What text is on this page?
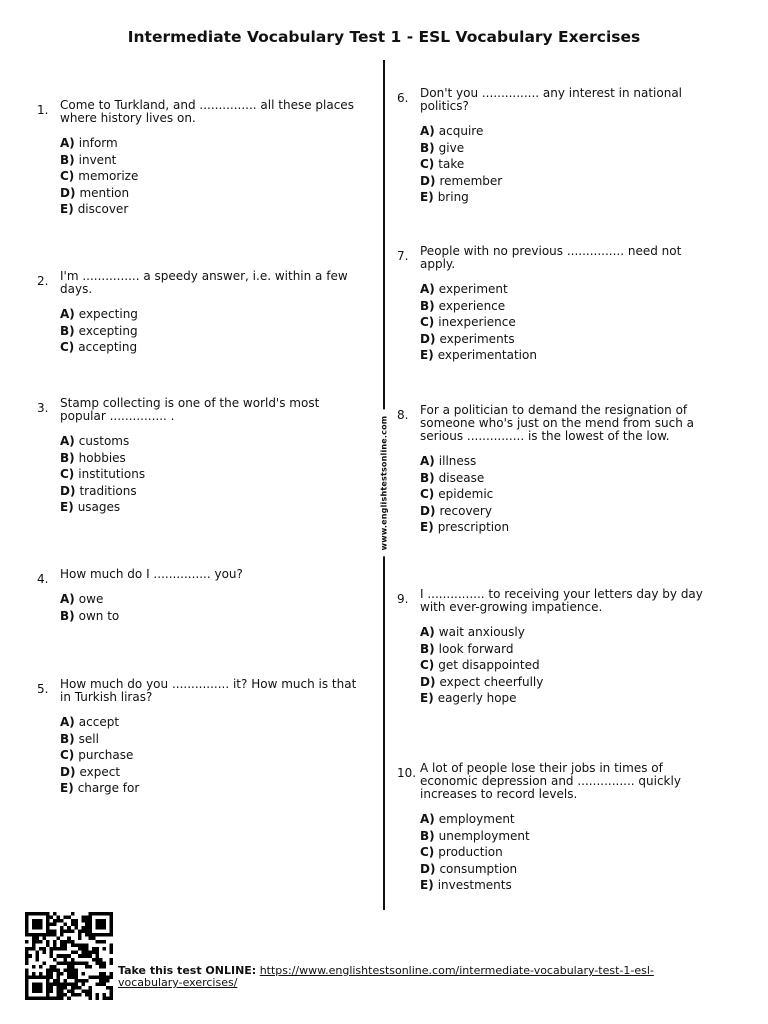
Intermediate Vocabulary Test 1 - ESL Vocabulary Exercises
www.englishtestsonline.com
1. Come to Turkland, and ............... all these places where history lives on.
A) inform
B) invent
C) memorize
D) mention
E) discover
2. I'm ............... a speedy answer, i.e. within a few days.
A) expecting
B) excepting
C) accepting
3. Stamp collecting is one of the world's most popular ............... .
A) customs
B) hobbies
C) institutions
D) traditions
E) usages
4. How much do I ............... you?
A) owe
B) own to
5. How much do you ............... it? How much is that in Turkish liras?
A) accept
B) sell
C) purchase
D) expect
E) charge for
6. Don't you ............... any interest in national politics?
A) acquire
B) give
C) take
D) remember
E) bring
7. People with no previous ............... need not apply.
A) experiment
B) experience
C) inexperience
D) experiments
E) experimentation
8. For a politician to demand the resignation of someone who's just on the mend from such a serious ............... is the lowest of the low.
A) illness
B) disease
C) epidemic
D) recovery
E) prescription
9. I ............... to receiving your letters day by day with ever-growing impatience.
A) wait anxiously
B) look forward
C) get disappointed
D) expect cheerfully
E) eagerly hope
10. A lot of people lose their jobs in times of economic depression and ............... quickly increases to record levels.
A) employment
B) unemployment
C) production
D) consumption
E) investments
Take this test ONLINE: https://www.englishtestsonline.com/intermediate-vocabulary-test-1-esl-vocabulary-exercises/
